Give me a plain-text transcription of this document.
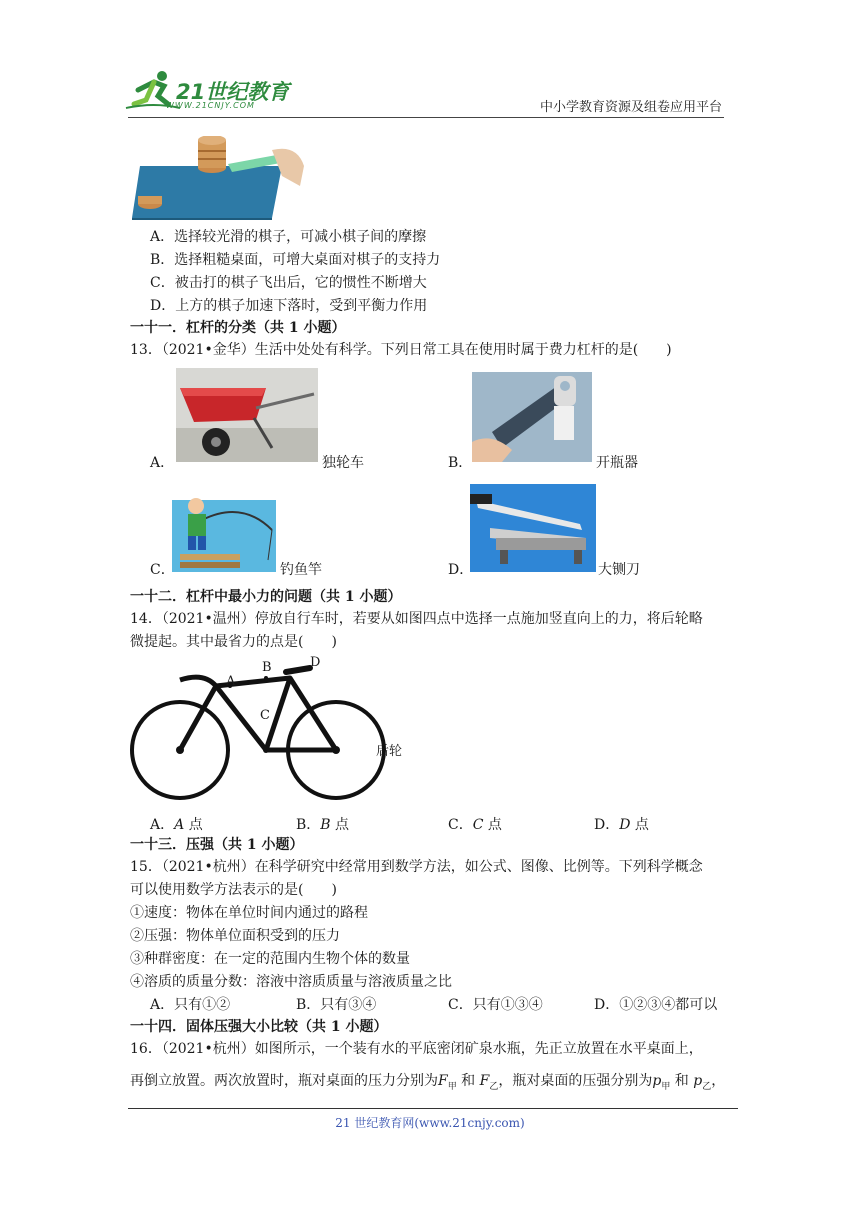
21世纪教育
WWW.21CNJY.COM	中小学教育资源及组卷应用平台
A．选择较光滑的棋子，可减小棋子间的摩擦
B．选择粗糙桌面，可增大桌面对棋子的支持力
C．被击打的棋子飞出后，它的惯性不断增大
D．上方的棋子加速下落时，受到平衡力作用
一十一．杠杆的分类（共 1 小题）
13．（2021•金华）生活中处处有科学。下列日常工具在使用时属于费力杠杆的是(　　)
A．	独轮车	B．	开瓶器
C．	钓鱼竿	D．	大铡刀
一十二．杠杆中最小力的问题（共 1 小题）
14．（2021•温州）停放自行车时，若要从如图四点中选择一点施加竖直向上的力，将后轮略
微提起。其中最省力的点是(　　)
A
B
C
D
后轮
A．A 点	B．B 点	C．C 点	D．D 点
一十三．压强（共 1 小题）
15．（2021•杭州）在科学研究中经常用到数学方法，如公式、图像、比例等。下列科学概念
可以使用数学方法表示的是(　　)
①速度：物体在单位时间内通过的路程
②压强：物体单位面积受到的压力
③种群密度：在一定的范围内生物个体的数量
④溶质的质量分数：溶液中溶质质量与溶液质量之比
A．只有①②	B．只有③④	C．只有①③④	D．①②③④都可以
一十四．固体压强大小比较（共 1 小题）
16．（2021•杭州）如图所示，一个装有水的平底密闭矿泉水瓶，先正立放置在水平桌面上，
再倒立放置。两次放置时，瓶对桌面的压力分别为$F_甲$ 和 $F_乙$，瓶对桌面的压强分别为$p_甲$ 和 $p_乙$，
21 世纪教育网(www.21cnjy.com)
